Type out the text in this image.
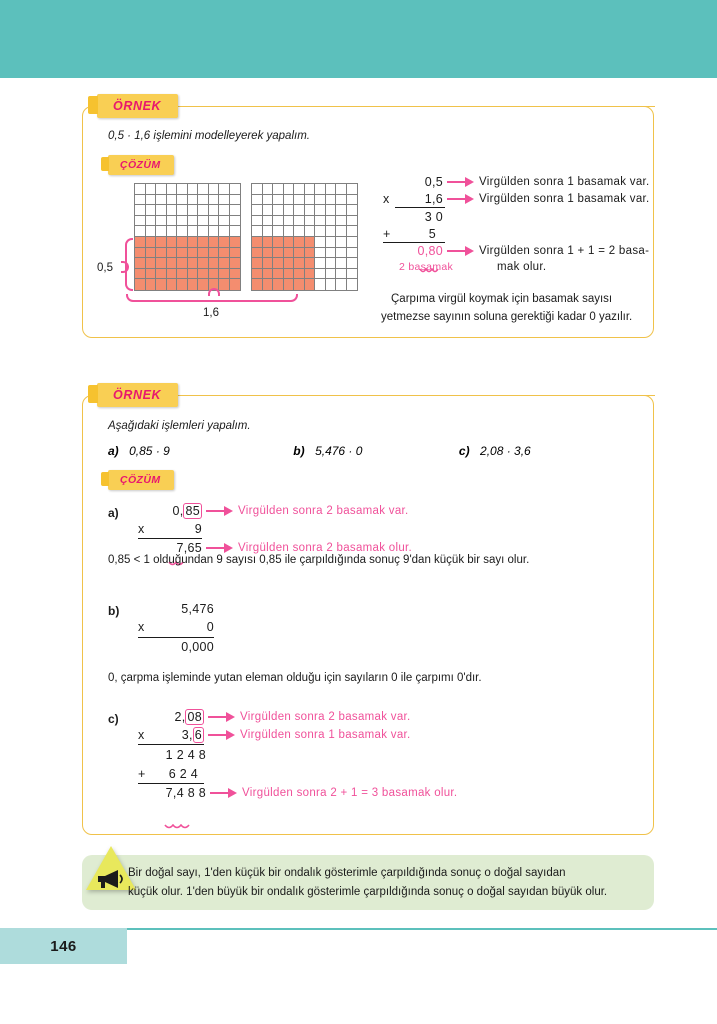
ÖRNEK
0,5 · 1,6 işlemini modelleyerek yapalım.
ÇÖZÜM
0,5
1,6
0,5	Virgülden sonra 1 basamak var.
x	1,6	Virgülden sonra 1 basamak var.
3 0
+	5
0,80	Virgülden sonra 1 + 1 = 2 basa-
2 basamak	mak olur.
Çarpıma virgül koymak için basamak sayısı
yetmezse sayının soluna gerektiği kadar 0 yazılır.
ÖRNEK
Aşağıdaki işlemleri yapalım.
a) 0,85 · 9	b) 5,476 · 0	c) 2,08 · 3,6
ÇÖZÜM
a)	0, 85	Virgülden sonra 2 basamak var.
x	9
7,65	Virgülden sonra 2 basamak olur.
0,85 < 1 olduğundan 9 sayısı 0,85 ile çarpıldığında sonuç 9'dan küçük bir sayı olur.
b)	5,476
x	0
0,000
0, çarpma işleminde yutan eleman olduğu için sayıların 0 ile çarpımı 0'dır.
c)	2, 08	Virgülden sonra 2 basamak var.
x	3, 6	Virgülden sonra 1 basamak var.
1 2 4 8
+	6 2 4
7,4 8 8	Virgülden sonra 2 + 1 = 3 basamak olur.
Bir doğal sayı, 1'den küçük bir ondalık gösterimle çarpıldığında sonuç o doğal sayıdan
küçük olur. 1'den büyük bir ondalık gösterimle çarpıldığında sonuç o doğal sayıdan büyük olur.
146
